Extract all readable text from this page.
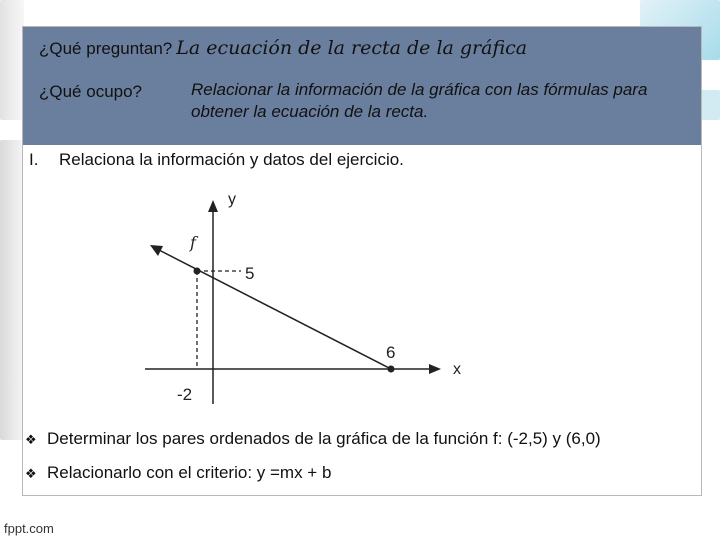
¿Qué preguntan? La ecuación de la recta de la gráfica
¿Qué ocupo?	Relacionar la información de la gráfica con las fórmulas para obtener la ecuación de la recta.
I. Relaciona la información y datos del ejercicio.
y
x
f
5
6
-2
❖ Determinar los pares ordenados de la gráfica de la función f: (-2,5) y (6,0)
❖ Relacionarlo con el criterio: y =mx + b
fppt.com
